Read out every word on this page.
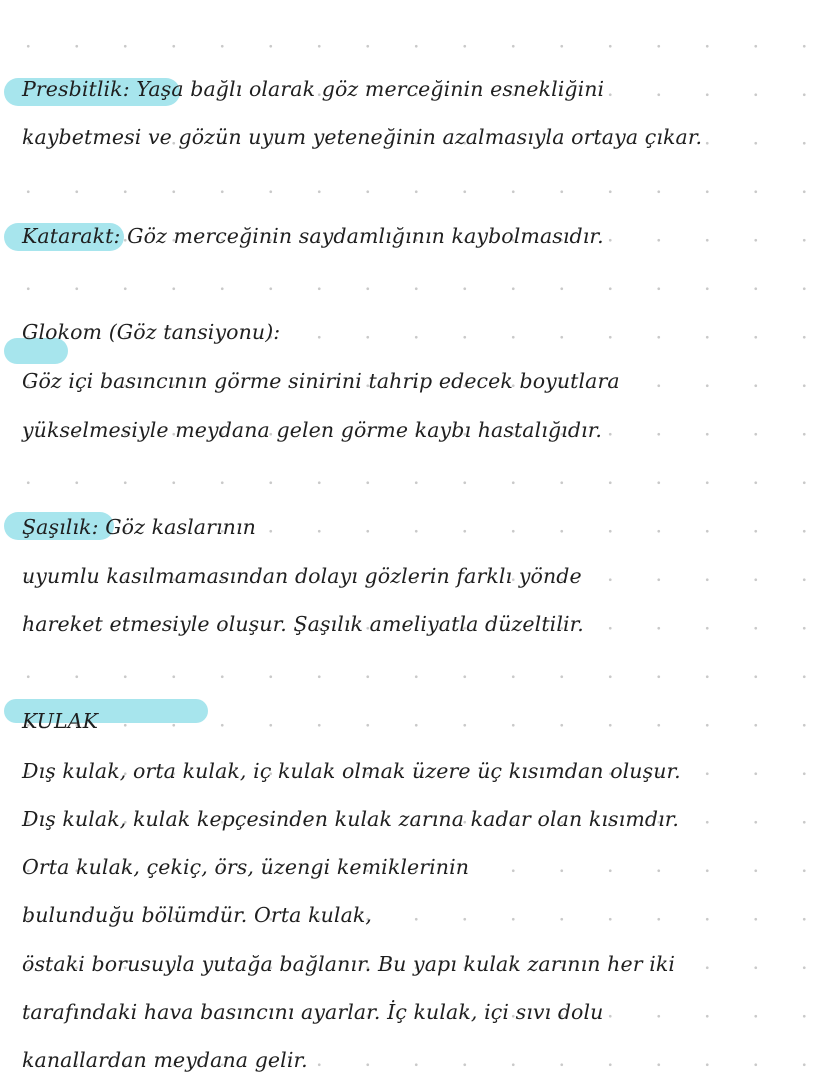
Presbitlik: Yaşa bağlı olarak göz merceğinin esnekliğini

kaybetmesi ve gözün uyum yeteneğinin azalmasıyla ortaya çıkar.

Katarakt: Göz merceğinin saydamlığının kaybolmasıdır.

Glokom (Göz tansiyonu):

Göz içi basıncının görme sinirini tahrip edecek boyutlara

yükselmesiyle meydana gelen görme kaybı hastalığıdır.

Şaşılık: Göz kaslarının

uyumlu kasılmamasından dolayı gözlerin farklı yönde

hareket etmesiyle oluşur. Şaşılık ameliyatla düzeltilir.

KULAK

Dış kulak, orta kulak, iç kulak olmak üzere üç kısımdan oluşur.

Dış kulak, kulak kepçesinden kulak zarına kadar olan kısımdır.

Orta kulak, çekiç, örs, üzengi kemiklerinin

bulunduğu bölümdür. Orta kulak,

östaki borusuyla yutağa bağlanır. Bu yapı kulak zarının her iki

tarafındaki hava basıncını ayarlar. İç kulak, içi sıvı dolu

kanallardan meydana gelir.
